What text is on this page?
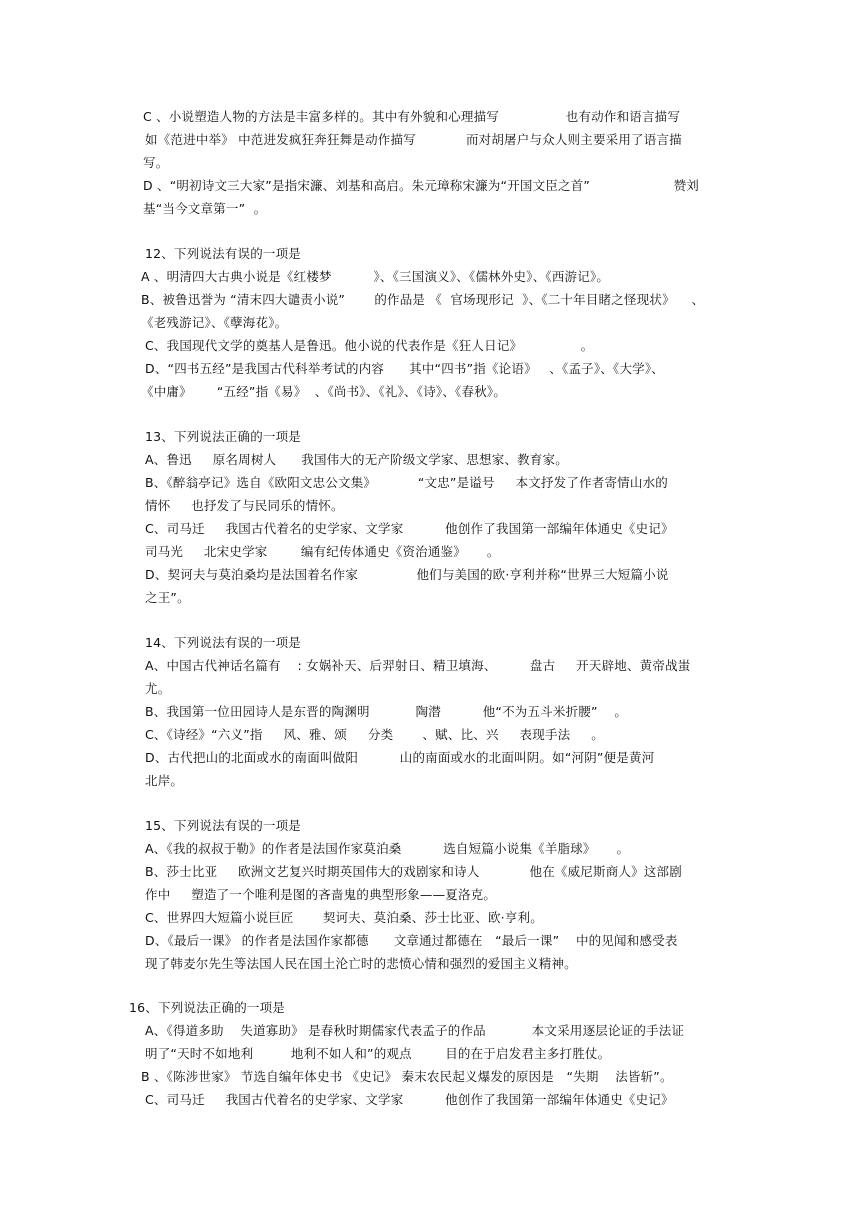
C 、小说塑造人物的方法是丰富多样的。其中有外貌和心理描写                也有动作和语言描写
如《范进中举》 中范进发疯狂奔狂舞是动作描写            而对胡屠户与众人则主要采用了语言描
写。
D 、“明初诗文三大家”是指宋濂、刘基和高启。朱元璋称宋濂为“开国文臣之首”                    赞刘
基“当今文章第一”  。
12、下列说法有误的一项是
A 、明清四大古典小说是《红楼梦          》、《三国演义》、《儒林外史》、《西游记》。
B、被鲁迅誉为 “清末四大谴责小说”       的作品是 《  官场现形记  》、《二十年目睹之怪现状》    、
《老残游记》、《孽海花》。
C、我国现代文学的奠基人是鲁迅。他小说的代表作是《狂人日记》              。
D、“四书五经”是我国古代科举考试的内容      其中“四书”指《论语》   、《孟子》、《大学》、
《中庸》      “五经”指《易》  、《尚书》、《礼》、《诗》、《春秋》。
13、下列说法正确的一项是
A、鲁迅     原名周树人      我国伟大的无产阶级文学家、思想家、教育家。
B、《醉翁亭记》选自《欧阳文忠公文集》          “文忠”是谥号     本文抒发了作者寄情山水的
情怀     也抒发了与民同乐的情怀。
C、司马迁     我国古代着名的史学家、文学家          他创作了我国第一部编年体通史《史记》
司马光     北宋史学家        编有纪传体通史《资治通鉴》     。
D、契诃夫与莫泊桑均是法国着名作家              他们与美国的欧·亨利并称“世界三大短篇小说
之王”。
14、下列说法有误的一项是
A、中国古代神话名篇有    : 女娲补天、后羿射日、精卫填海、        盘古     开天辟地、黄帝战蚩
尤。
B、我国第一位田园诗人是东晋的陶渊明           陶潜          他“不为五斗米折腰”    。
C、《诗经》“六义”指     风、雅、颂     分类       、赋、比、兴     表现手法     。
D、古代把山的北面或水的南面叫做阳          山的南面或水的北面叫阴。如“河阴”便是黄河
北岸。
15、下列说法有误的一项是
A、《我的叔叔于勒》的作者是法国作家莫泊桑          选自短篇小说集《羊脂球》     。
B、莎士比亚     欧洲文艺复兴时期英国伟大的戏剧家和诗人            他在《威尼斯商人》这部剧
作中     塑造了一个唯利是图的吝啬鬼的典型形象——夏洛克。
C、世界四大短篇小说巨匠       契诃夫、莫泊桑、莎士比亚、欧·亨利。
D、《最后一课》 的作者是法国作家都德      文章通过都德在   “最后一课”    中的见闻和感受表
现了韩麦尔先生等法国人民在国土沦亡时的悲愤心情和强烈的爱国主义精神。
16、下列说法正确的一项是
A、《得道多助    失道寡助》 是春秋时期儒家代表孟子的作品           本文采用逐层论证的手法证
明了“天时不如地利         地利不如人和”的观点        目的在于启发君主多打胜仗。
B 、《陈涉世家》 节选自编年体史书 《史记》 秦末农民起义爆发的原因是   “失期    法皆斩”。
C、司马迁     我国古代着名的史学家、文学家          他创作了我国第一部编年体通史《史记》
